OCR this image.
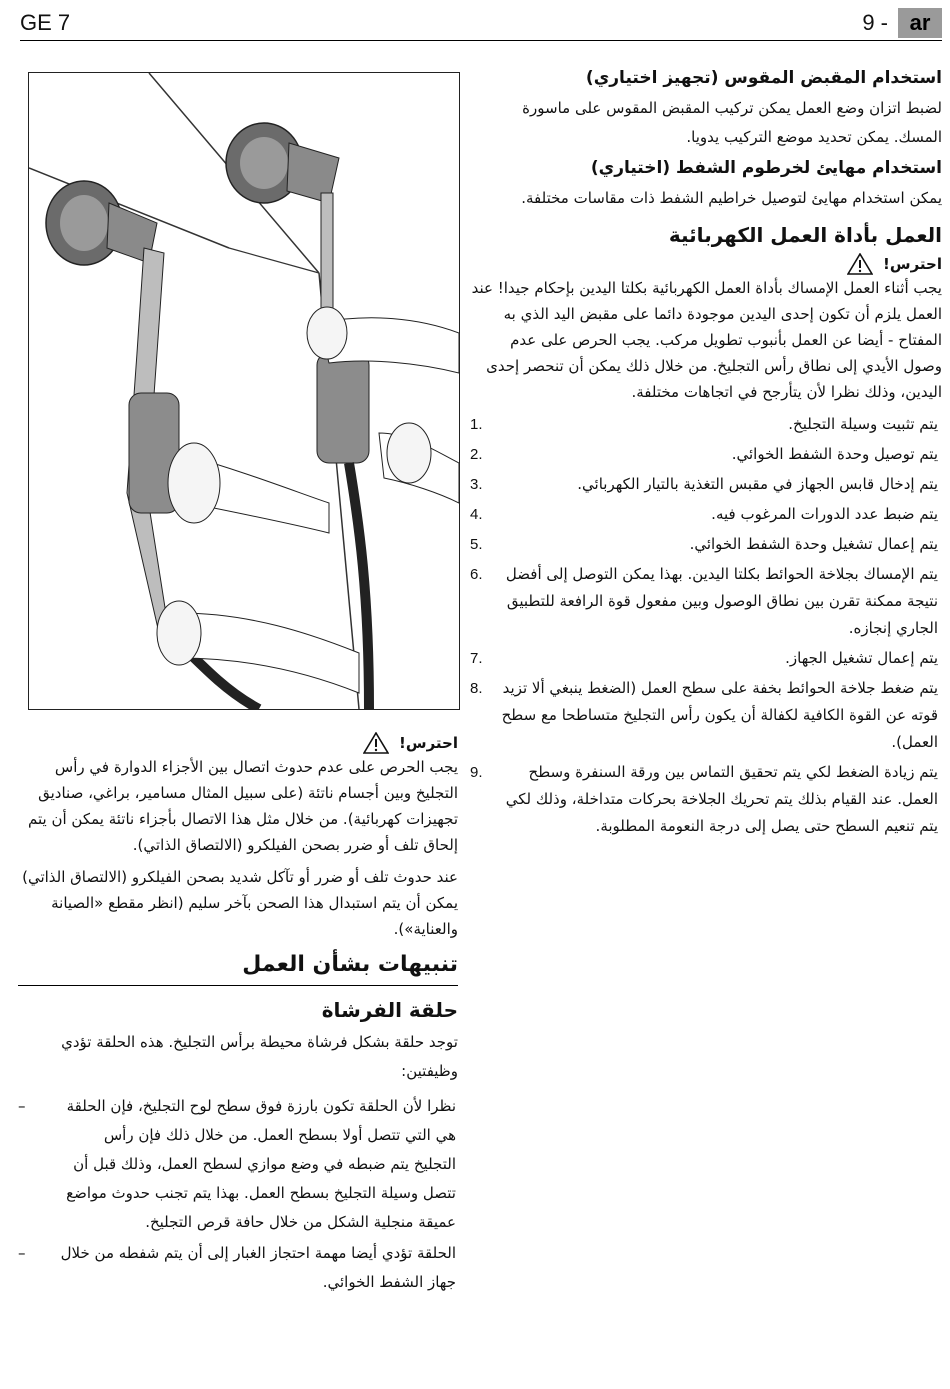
GE 7	9 - ar
استخدام المقبض المقوس (تجهيز اختياري)

لضبط اتزان وضع العمل يمكن تركيب المقبض المقوس على ماسورة المسك. يمكن تحديد موضع التركيب يدويا.

استخدام مهايئ لخرطوم الشفط (اختياري)

يمكن استخدام مهايئ لتوصيل خراطيم الشفط ذات مقاسات مختلفة.

العمل بأداة العمل الكهربائية
احترس!

يجب أثناء العمل الإمساك بأداة العمل الكهربائية بكلتا اليدين بإحكام جيدا! عند العمل يلزم أن تكون إحدى اليدين موجودة دائما على مقبض اليد الذي به المفتاح - أيضا عن العمل بأنبوب تطويل مركب. يجب الحرص على عدم وصول الأيدي إلى نطاق رأس التجليخ. من خلال ذلك يمكن أن تنحصر إحدى اليدين، وذلك نظرا لأن يتأرجح في اتجاهات مختلفة.

يتم تثبيت وسيلة التجليخ.
1.
يتم توصيل وحدة الشفط الخوائي.
2.
يتم إدخال قابس الجهاز في مقبس التغذية بالتيار الكهربائي.
3.
يتم ضبط عدد الدورات المرغوب فيه.
4.
يتم إعمال تشغيل وحدة الشفط الخوائي.
5.
يتم الإمساك بجلاخة الحوائط بكلتا اليدين. بهذا يمكن التوصل إلى أفضل نتيجة ممكنة تقرن بين نطاق الوصول وبين مفعول قوة الرافعة للتطبيق الجاري إنجازه.
6.
يتم إعمال تشغيل الجهاز.
7.
يتم ضغط جلاخة الحوائط بخفة على سطح العمل (الضغط ينبغي ألا تزيد قوته عن القوة الكافية لكفالة أن يكون رأس التجليخ متساطحا مع سطح العمل).
8.
يتم زيادة الضغط لكي يتم تحقيق التماس بين ورقة السنفرة وسطح العمل. عند القيام بذلك يتم تحريك الجلاخة بحركات متداخلة، وذلك لكي يتم تنعيم السطح حتى يصل إلى درجة النعومة المطلوبة.
9.
احترس!

يجب الحرص على عدم حدوث اتصال بين الأجزاء الدوارة في رأس التجليخ وبين أجسام ناتئة (على سبيل المثال مسامير، براغي، صناديق تجهيزات كهربائية). من خلال مثل هذا الاتصال بأجزاء ناتئة يمكن أن يتم إلحاق تلف أو ضرر بصحن الفيلكرو (الالتصاق الذاتي).

عند حدوث تلف أو ضرر أو تآكل شديد بصحن الفيلكرو (الالتصاق الذاتي) يمكن أن يتم استبدال هذا الصحن بآخر سليم (انظر مقطع «الصيانة والعناية»).

تنبيهات بشأن العمل
حلقة الفرشاة

توجد حلقة بشكل فرشاة محيطة برأس التجليخ. هذه الحلقة تؤدي وظيفتين:

نظرا لأن الحلقة تكون بارزة فوق سطح لوح التجليخ، فإن الحلقة هي التي تتصل أولا بسطح العمل. من خلال ذلك فإن رأس التجليخ يتم ضبطه في وضع موازي لسطح العمل، وذلك قبل أن تتصل وسيلة التجليخ بسطح العمل. بهذا يتم تجنب حدوث مواضع عميقة منجلية الشكل من خلال حافة قرص التجليخ.
–
الحلقة تؤدي أيضا مهمة احتجاز الغبار إلى أن يتم شفطه من خلال جهاز الشفط الخوائي.
–
